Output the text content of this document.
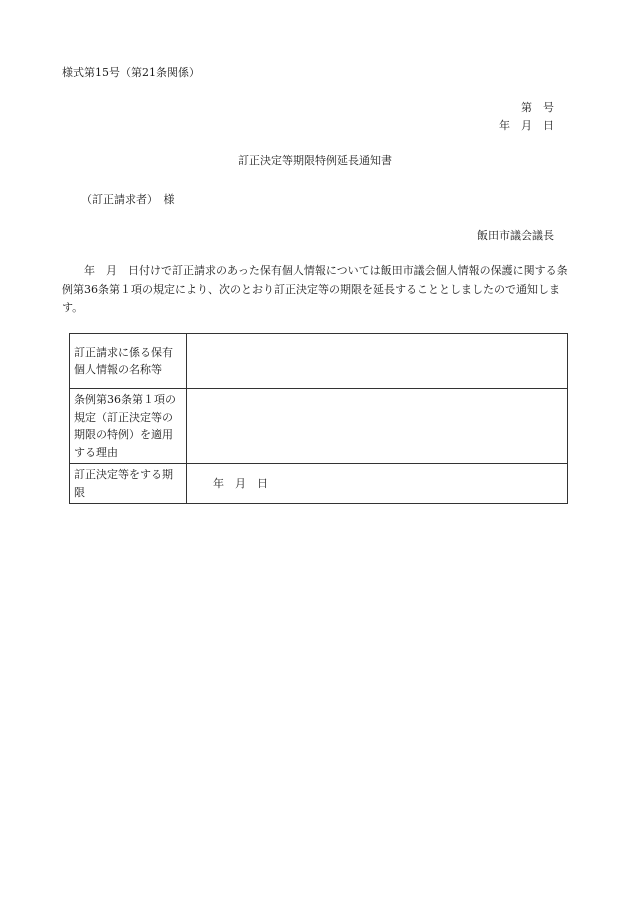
様式第15号（第21条関係）
第　号
年　月　日
訂正決定等期限特例延長通知書
（訂正請求者）　様
飯田市議会議長

年　月　日付けで訂正請求のあった保有個人情報については飯田市議会個人情報の保護に関する条例第36条第１項の規定により、次のとおり訂正決定等の期限を延長することとしましたので通知します。

訂正請求に係る保有個人情報の名称等	
条例第36条第１項の規定（訂正決定等の期限の特例）を適用する理由	
訂正決定等をする期限	年　月　日
